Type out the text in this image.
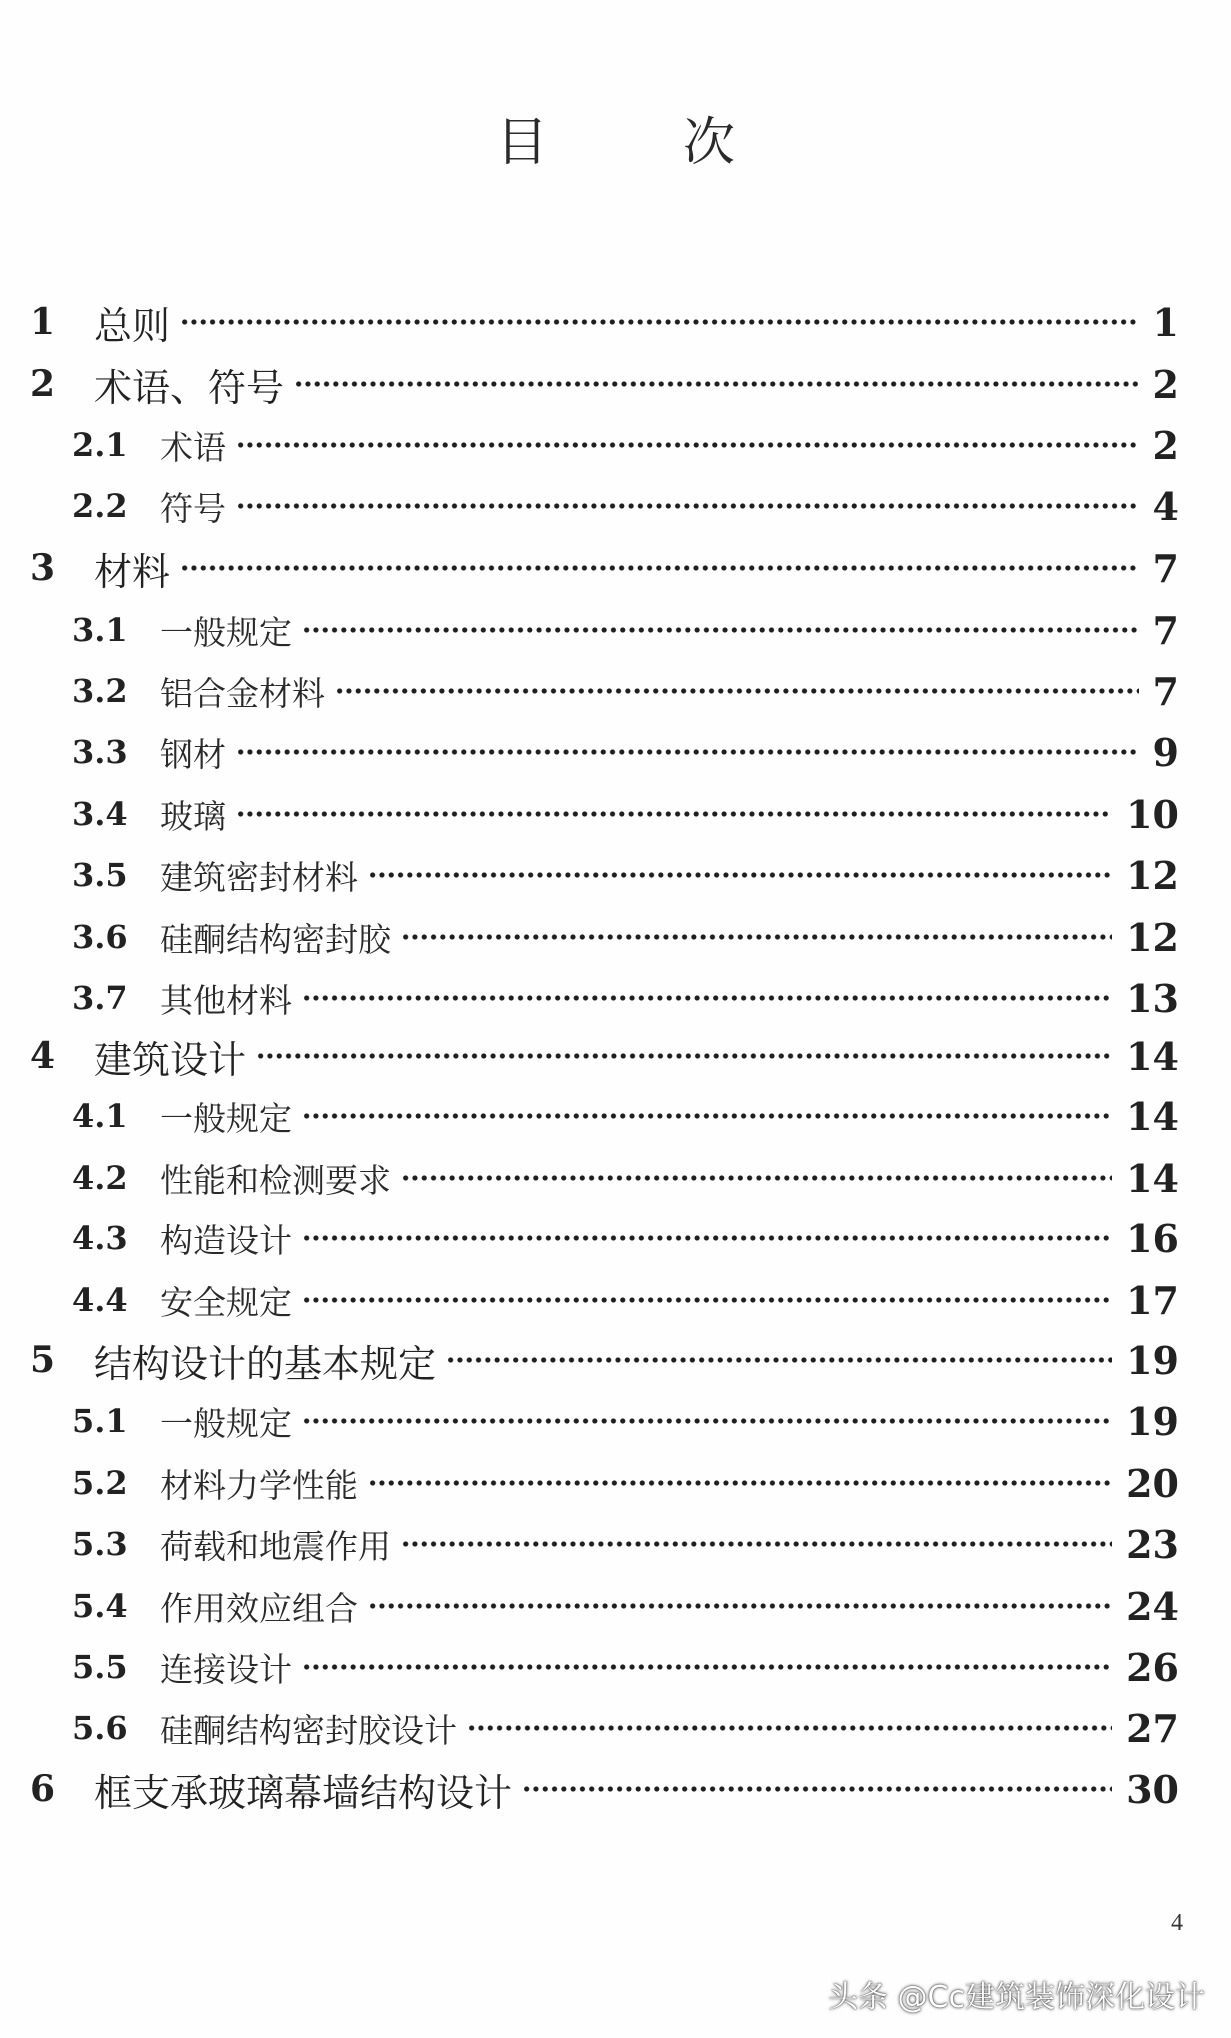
目	次
1	总则	1
2	术语、符号	2
2.1 术语	2
2.2 符号	4
3	材料	7
3.1 一般规定	7
3.2 铝合金材料	7
3.3 钢材	9
3.4 玻璃	10
3.5 建筑密封材料	12
3.6 硅酮结构密封胶	12
3.7 其他材料	13
4	建筑设计	14
4.1 一般规定	14
4.2 性能和检测要求	14
4.3 构造设计	16
4.4 安全规定	17
5	结构设计的基本规定	19
5.1 一般规定	19
5.2 材料力学性能	20
5.3 荷载和地震作用	23
5.4 作用效应组合	24
5.5 连接设计	26
5.6 硅酮结构密封胶设计	27
6	框支承玻璃幕墙结构设计	30
4
头条 @Cc建筑装饰深化设计
